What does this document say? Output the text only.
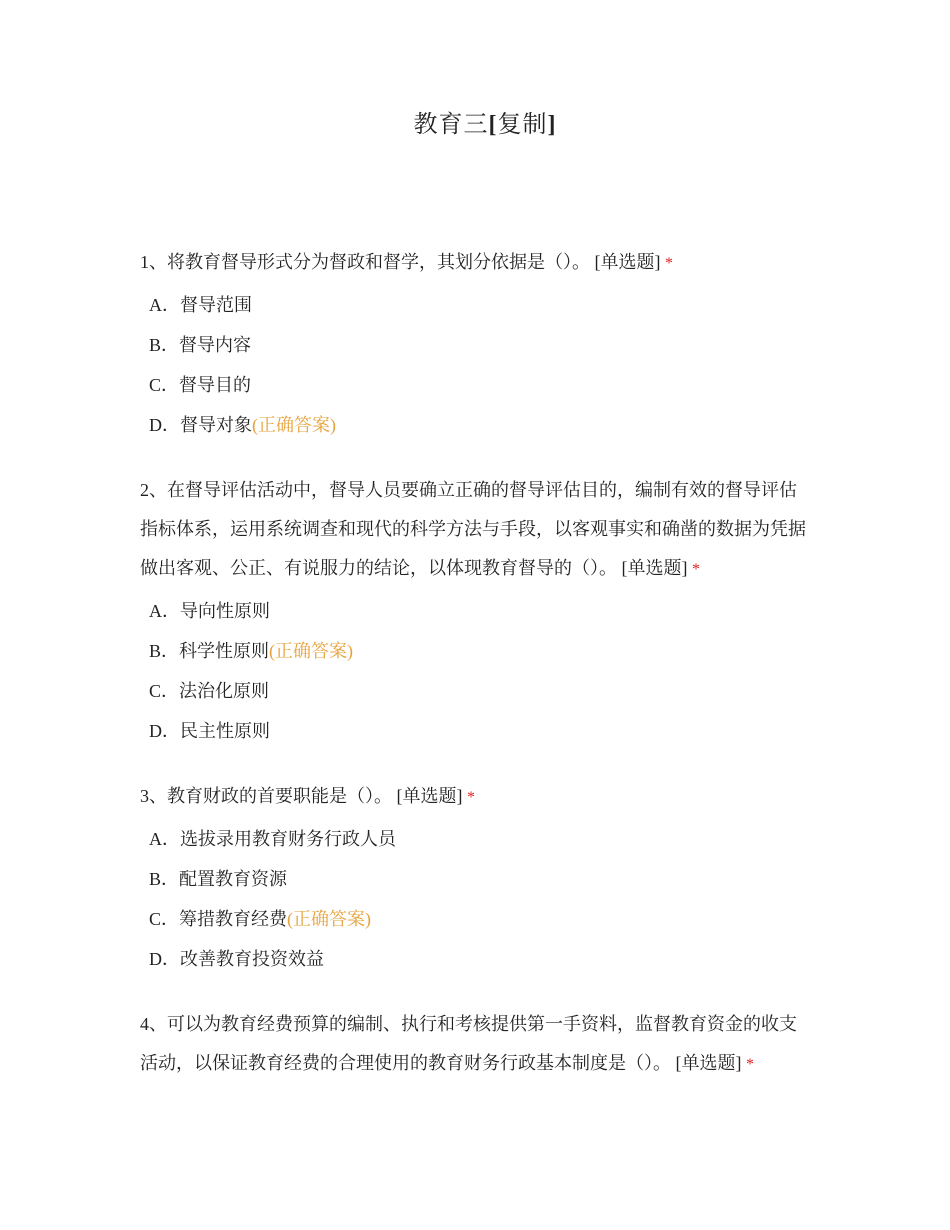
教育三[复制]

1、将教育督导形式分为督政和督学，其划分依据是（）。 [单选题] *

A．督导范围
B．督导内容
C．督导目的
D．督导对象(正确答案)

2、在督导评估活动中，督导人员要确立正确的督导评估目的，编制有效的督导评估指标体系，运用系统调查和现代的科学方法与手段，以客观事实和确凿的数据为凭据做出客观、公正、有说服力的结论，以体现教育督导的（）。 [单选题] *

A．导向性原则
B．科学性原则(正确答案)
C．法治化原则
D．民主性原则

3、教育财政的首要职能是（）。 [单选题] *

A．选拔录用教育财务行政人员
B．配置教育资源
C．筹措教育经费(正确答案)
D．改善教育投资效益

4、可以为教育经费预算的编制、执行和考核提供第一手资料，监督教育资金的收支活动，以保证教育经费的合理使用的教育财务行政基本制度是（）。 [单选题] *
